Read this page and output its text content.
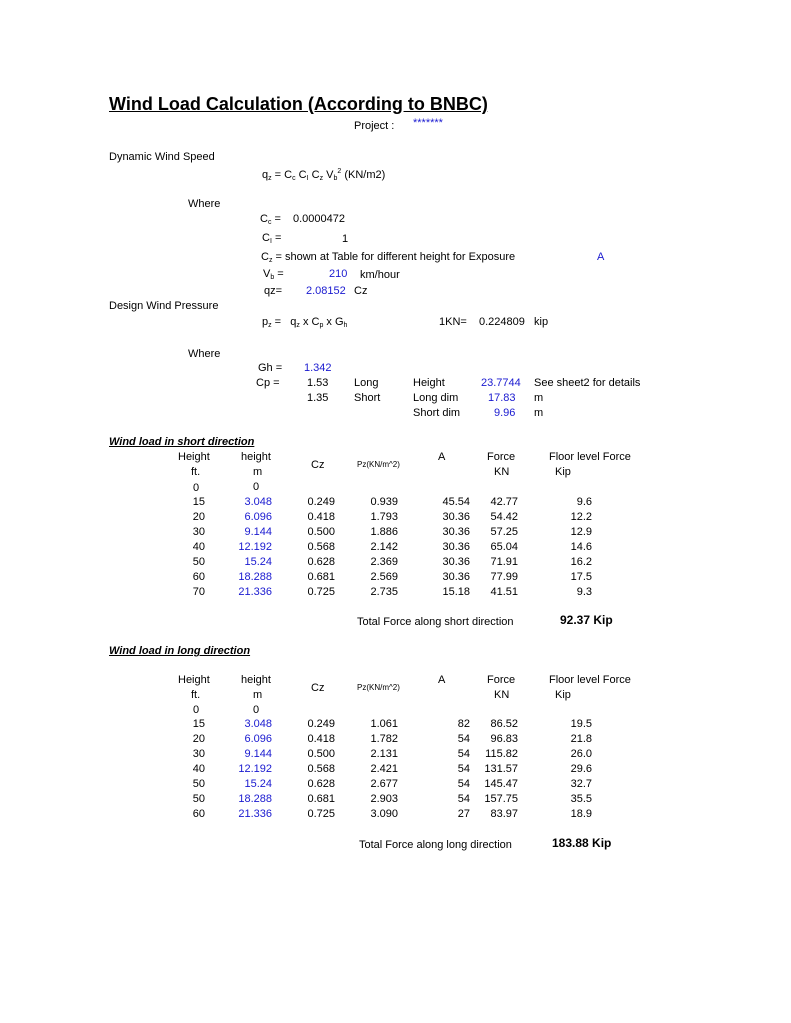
Wind Load Calculation (According to BNBC)
Project : *******
Dynamic Wind Speed
$q_z = C_c$ $C_I$ $C_z$ $V_b^2$ (KN/m2)
Where
$C_c = 0.0000472$
$C_I$ =	1
$C_z$ = shown at Table for different height for Exposure	A
$V_b$ =	210 km/hour
qz= 2.08152 Cz
Design Wind Pressure
$p_z = q_z$ x $C_p$ x $G_h$	1KN= 0.224809 kip
Where
Gh = 1.342
Cp = 1.53 Long
1.35 Short
Height	23.7744 See sheet2 for details
Long dim	17.83 m
Short dim	9.96 m
Wind load in short direction
Height
ft.
height
m
Cz	Pz(KN/m^2)
A	Force
KN
Floor level Force
Kip
0	0
15	3.048	0.249	0.939	45.54 42.77	9.6
20	6.096	0.418	1.793	30.36 54.42	12.2
30	9.144	0.500	1.886	30.36 57.25	12.9
40	12.192	0.568	2.142	30.36 65.04	14.6
50	15.24	0.628	2.369	30.36 71.91	16.2
60	18.288	0.681	2.569	30.36 77.99	17.5
70	21.336	0.725	2.735	15.18 41.51	9.3
Total Force along short direction	92.37 Kip
Wind load in long direction
Height
ft.
height
m
Cz	Pz(KN/m^2)
A	Force
KN
Floor level Force
Kip
0	0
15	3.048	0.249	1.061	82 86.52	19.5
20	6.096	0.418	1.782	54 96.83	21.8
30	9.144	0.500	2.131	54 115.82	26.0
40	12.192	0.568	2.421	54 131.57	29.6
50	15.24	0.628	2.677	54 145.47	32.7
50	18.288	0.681	2.903	54 157.75	35.5
60	21.336	0.725	3.090	27 83.97	18.9
Total Force along long direction	183.88 Kip
